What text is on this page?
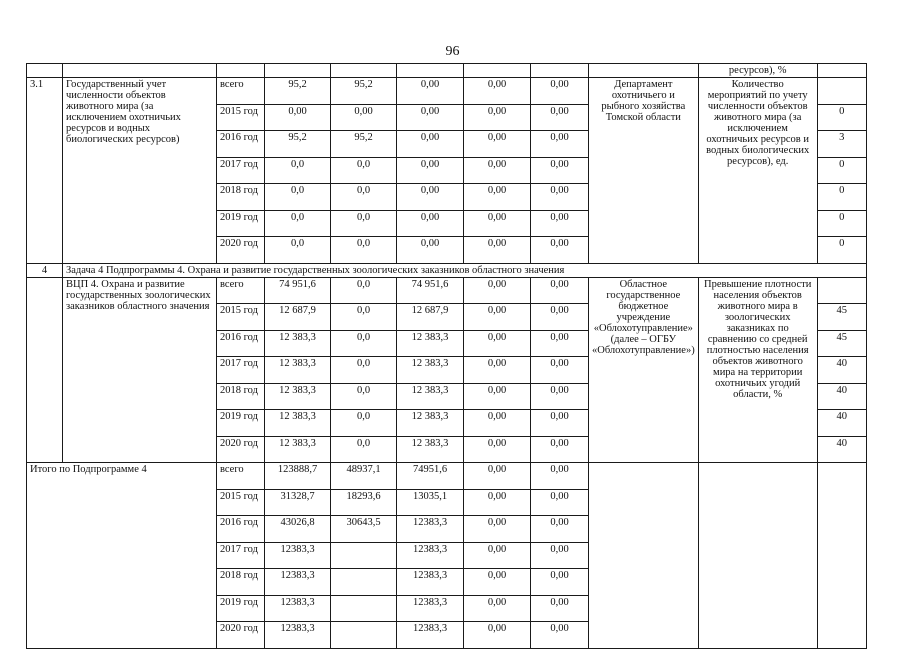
96
									ресурсов), %	
3.1	Государственный учет численности объектов животного мира (за исключением охотничьих ресурсов и водных биологических ресурсов)	всего	95,2	95,2	0,00	0,00	0,00	Департамент охотничьего и рыбного хозяйства Томской области	Количество мероприятий по учету численности объектов животного мира (за исключением охотничьих ресурсов и водных биологических ресурсов), ед.	
		2015 год	0,00	0,00	0,00	0,00	0,00			0
		2016 год	95,2	95,2	0,00	0,00	0,00			3
		2017 год	0,0	0,0	0,00	0,00	0,00			0
		2018 год	0,0	0,0	0,00	0,00	0,00			0
		2019 год	0,0	0,0	0,00	0,00	0,00			0
		2020 год	0,0	0,0	0,00	0,00	0,00			0
4	Задача 4 Подпрограммы 4. Охрана и развитие государственных зоологических заказников областного значения									
	ВЦП 4. Охрана и развитие государственных зоологических заказников областного значения	всего	74 951,6	0,0	74 951,6	0,00	0,00	Областное государственное бюджетное учреждение «Облохотуправление» (далее – ОГБУ «Облохотуправление»)	Превышение плотности населения объектов животного мира в зоологических заказниках по сравнению со средней плотностью населения объектов животного мира на территории охотничьих угодий области, %	
		2015 год	12 687,9	0,0	12 687,9	0,00	0,00			45
		2016 год	12 383,3	0,0	12 383,3	0,00	0,00			45
		2017 год	12 383,3	0,0	12 383,3	0,00	0,00			40
		2018 год	12 383,3	0,0	12 383,3	0,00	0,00			40
		2019 год	12 383,3	0,0	12 383,3	0,00	0,00			40
		2020 год	12 383,3	0,0	12 383,3	0,00	0,00			40
Итого по Подпрограмме 4		всего	123888,7	48937,1	74951,6	0,00	0,00			
		2015 год	31328,7	18293,6	13035,1	0,00	0,00			
		2016 год	43026,8	30643,5	12383,3	0,00	0,00			
		2017 год	12383,3		12383,3	0,00	0,00			
		2018 год	12383,3		12383,3	0,00	0,00			
		2019 год	12383,3		12383,3	0,00	0,00			
		2020 год	12383,3		12383,3	0,00	0,00			
